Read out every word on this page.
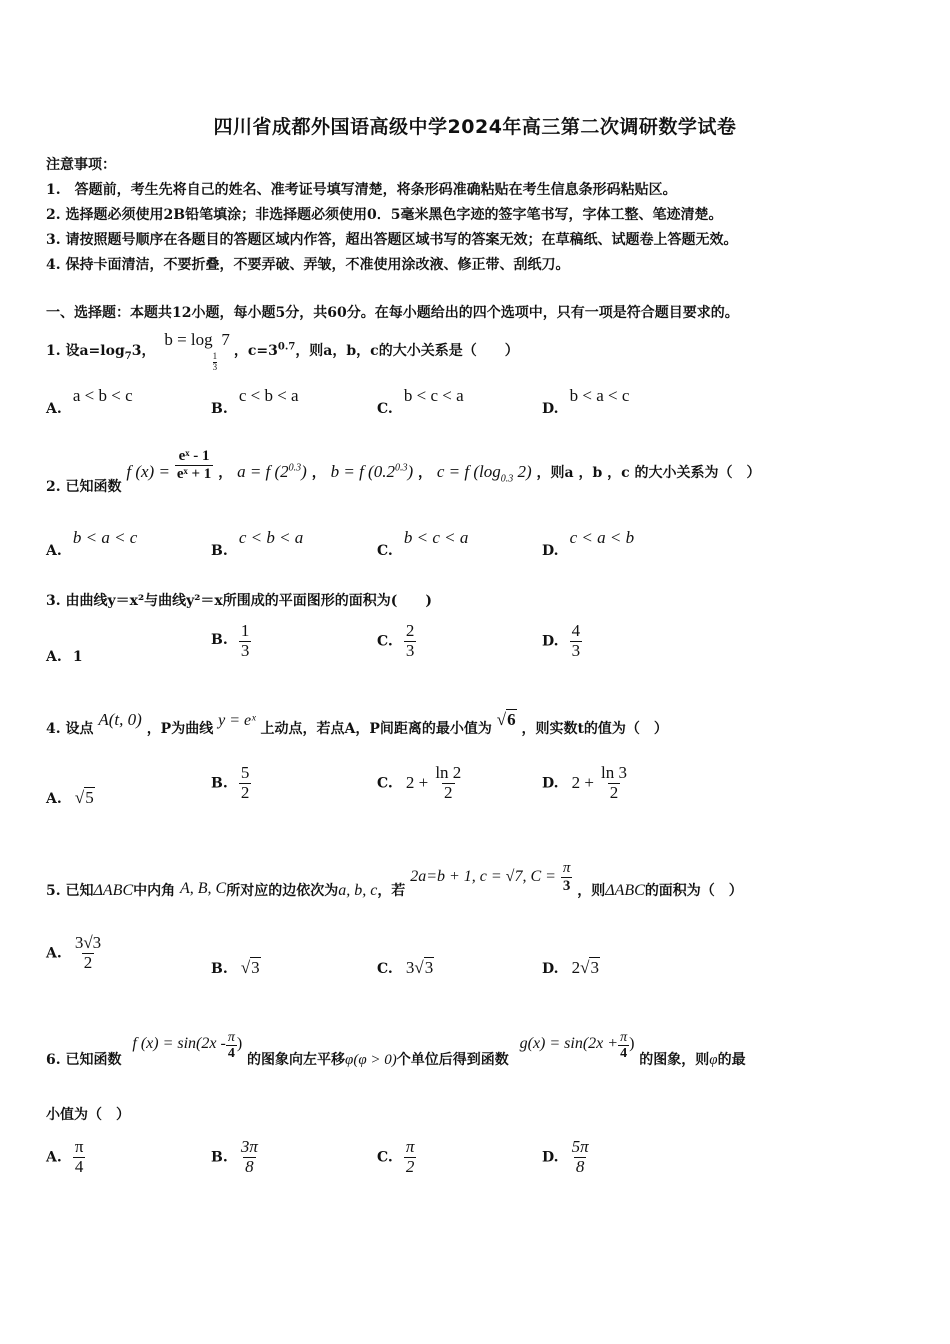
四川省成都外国语高级中学2024年高三第二次调研数学试卷
注意事项：
1.　答题前，考生先将自己的姓名、准考证号填写清楚，将条形码准确粘贴在考生信息条形码粘贴区。
2. 选择题必须使用2B铅笔填涂；非选择题必须使用0．5毫米黑色字迹的签字笔书写，字体工整、笔迹清楚。
3. 请按照题号顺序在各题目的答题区域内作答，超出答题区域书写的答案无效；在草稿纸、试题卷上答题无效。
4. 保持卡面清洁，不要折叠，不要弄破、弄皱，不准使用涂改液、修正带、刮纸刀。
一、选择题：本题共12小题，每小题5分，共60分。在每小题给出的四个选项中，只有一项是符合题目要求的。
1. 设$a=\log_73$， b = log
$\frac{1}{3}$
7，$c=3^{0.7}$，则a，b，c的大小关系是（　　）
A. a < b < c
B. c < b < a
C. b < c < a
D. b < a < c
2. 已知函数 f $(x) = \frac{\text{eˣ - 1}}{\text{eˣ + 1}}$ ， a = f $(2^{0.3})$ ， b = f $(0.2^{0.3})$ ， c = f ($\log_{0.3}$ 2) ，则a ，b ，c 的大小关系为（　）
A. b < a < c
B. c < b < a
C. b < c < a
D. c < a < b
3. 由曲线y＝x²与曲线y²＝x所围成的平面图形的面积为(　　)
A. 1
B. $\frac{1}{3}$	C. $\frac{2}{3}$	D. $\frac{4}{3}$
4. 设点 A(t, 0) ，P为曲线 y = eˣ 上动点，若点A，P间距离的最小值为 √6 ，则实数t的值为（　）
A. √5
B. $\frac{5}{2}$	C. $2 + \frac{\ln 2}{2}$	D. $2 + \frac{\ln 3}{2}$
5. 已知ΔABC中内角 A, B, C所对应的边依次为a, b, c，若 2a=b + 1, c = √7, $C = \frac{\pi}{3}$ ，则ΔABC的面积为（　）
A. $\frac{3√3}{2}$	B. √3	C. 3√3	D. 2√3
6. 已知函数 f $(x) = \sin(2x - \frac{\pi}{4}$ ) 的图象向左平移φ(φ > 0)个单位后得到函数 $g(x) = \sin(2x + \frac{\pi}{4}$ ) 的图象，则φ的最
小值为（　）
A. $\frac{\pi}{4}$	B. $\frac{3\pi}{8}$	C. $\frac{\pi}{2}$	D. $\frac{5\pi}{8}$
